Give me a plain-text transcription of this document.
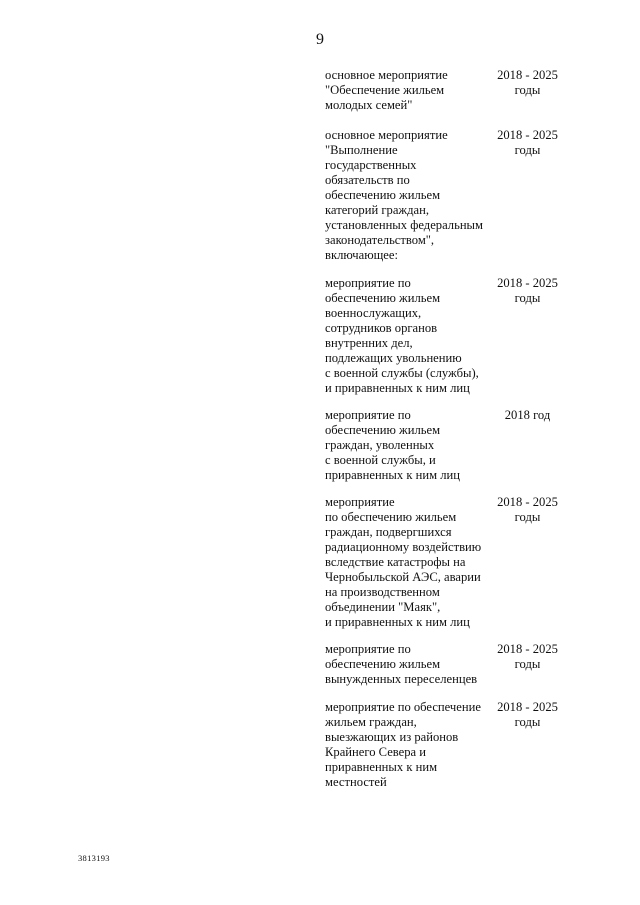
9
основное мероприятие
"Обеспечение жильем
молодых семей"
2018 - 2025
годы
основное мероприятие
"Выполнение
государственных
обязательств по
обеспечению жильем
категорий граждан,
установленных федеральным
законодательством",
включающее:
2018 - 2025
годы
мероприятие по
обеспечению жильем
военнослужащих,
сотрудников органов
внутренних дел,
подлежащих увольнению
с военной службы (службы),
и приравненных к ним лиц
2018 - 2025
годы
мероприятие по
обеспечению жильем
граждан, уволенных
с военной службы, и
приравненных к ним лиц
2018 год
мероприятие
по обеспечению жильем
граждан, подвергшихся
радиационному воздействию
вследствие катастрофы на
Чернобыльской АЭС, аварии
на производственном
объединении "Маяк",
и приравненных к ним лиц
2018 - 2025
годы
мероприятие по
обеспечению жильем
вынужденных переселенцев
2018 - 2025
годы
мероприятие по обеспечение
жильем граждан,
выезжающих из районов
Крайнего Севера и
приравненных к ним
местностей
2018 - 2025
годы
3813193
